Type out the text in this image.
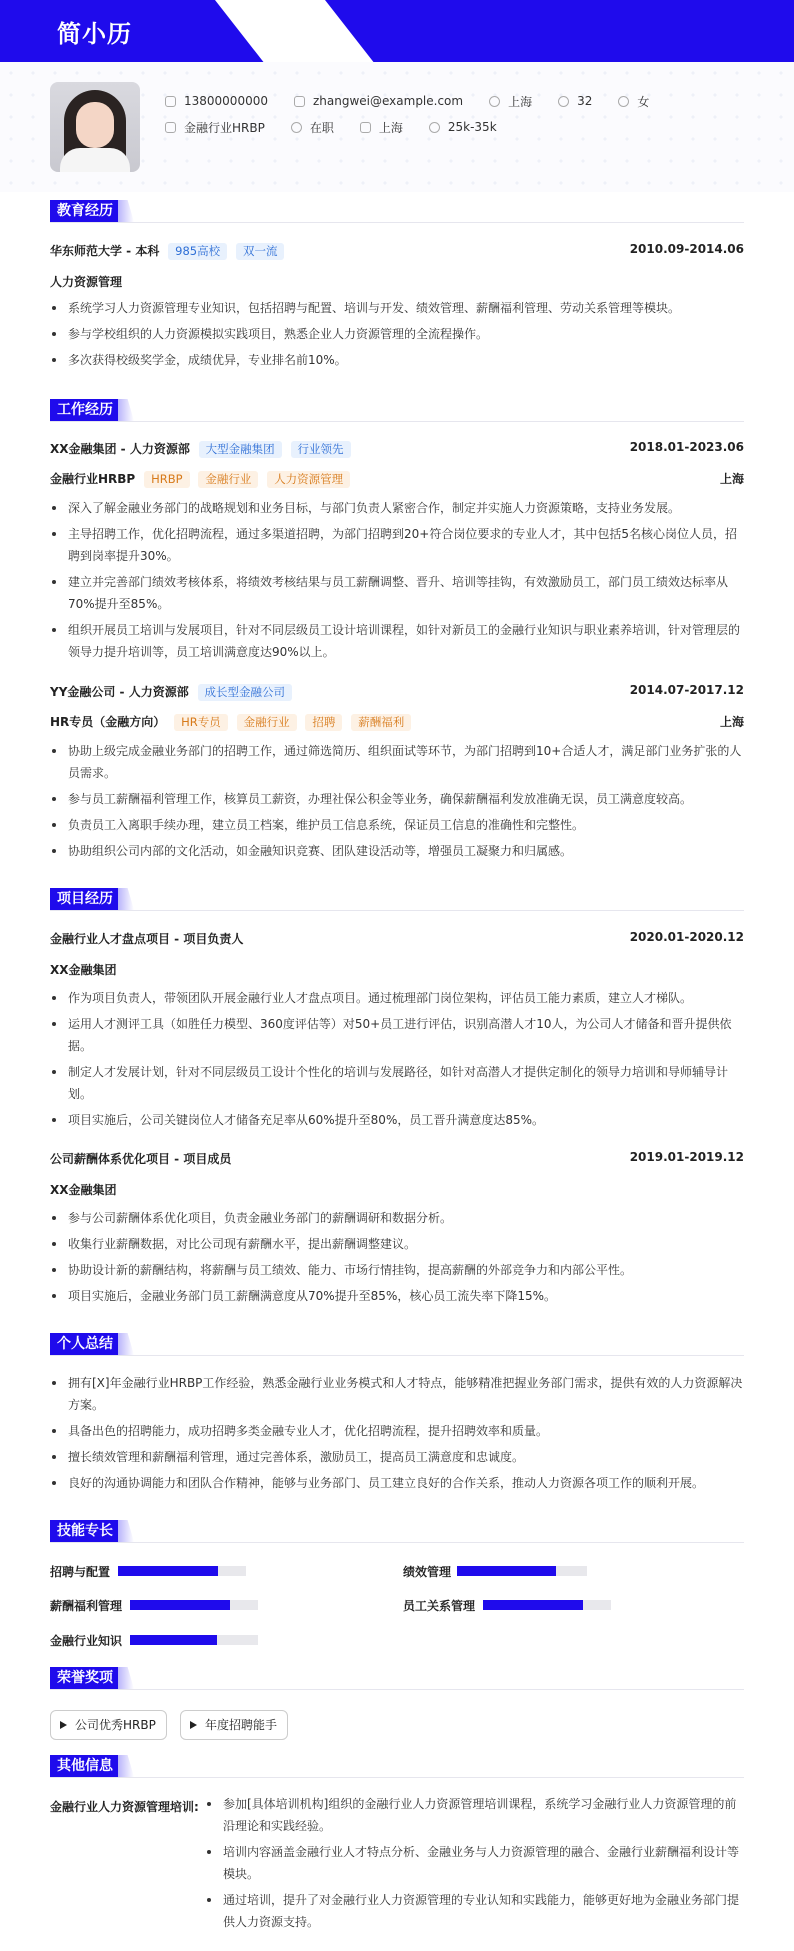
简小历
13800000000	zhangwei@example.com	上海	32	女
金融行业HRBP	在职	上海	25k-35k
教育经历
华东师范大学 - 本科 985高校 双一流	2010.09-2014.06
人力资源管理
系统学习人力资源管理专业知识，包括招聘与配置、培训与开发、绩效管理、薪酬福利管理、劳动关系管理等模块。
参与学校组织的人力资源模拟实践项目，熟悉企业人力资源管理的全流程操作。
多次获得校级奖学金，成绩优异，专业排名前10%。
工作经历
XX金融集团 - 人力资源部 大型金融集团 行业领先	2018.01-2023.06
金融行业HRBP HRBP 金融行业 人力资源管理	上海
深入了解金融业务部门的战略规划和业务目标，与部门负责人紧密合作，制定并实施人力资源策略，支持业务发展。
主导招聘工作，优化招聘流程，通过多渠道招聘，为部门招聘到20+符合岗位要求的专业人才，其中包括5名核心岗位人员，招聘到岗率提升30%。
建立并完善部门绩效考核体系，将绩效考核结果与员工薪酬调整、晋升、培训等挂钩，有效激励员工，部门员工绩效达标率从70%提升至85%。
组织开展员工培训与发展项目，针对不同层级员工设计培训课程，如针对新员工的金融行业知识与职业素养培训，针对管理层的领导力提升培训等，员工培训满意度达90%以上。
YY金融公司 - 人力资源部 成长型金融公司	2014.07-2017.12
HR专员（金融方向） HR专员 金融行业 招聘 薪酬福利	上海
协助上级完成金融业务部门的招聘工作，通过筛选简历、组织面试等环节，为部门招聘到10+合适人才，满足部门业务扩张的人员需求。
参与员工薪酬福利管理工作，核算员工薪资，办理社保公积金等业务，确保薪酬福利发放准确无误，员工满意度较高。
负责员工入离职手续办理，建立员工档案，维护员工信息系统，保证员工信息的准确性和完整性。
协助组织公司内部的文化活动，如金融知识竞赛、团队建设活动等，增强员工凝聚力和归属感。
项目经历
金融行业人才盘点项目 - 项目负责人	2020.01-2020.12
XX金融集团
作为项目负责人，带领团队开展金融行业人才盘点项目。通过梳理部门岗位架构，评估员工能力素质，建立人才梯队。
运用人才测评工具（如胜任力模型、360度评估等）对50+员工进行评估，识别高潜人才10人，为公司人才储备和晋升提供依据。
制定人才发展计划，针对不同层级员工设计个性化的培训与发展路径，如针对高潜人才提供定制化的领导力培训和导师辅导计划。
项目实施后，公司关键岗位人才储备充足率从60%提升至80%，员工晋升满意度达85%。
公司薪酬体系优化项目 - 项目成员	2019.01-2019.12
XX金融集团
参与公司薪酬体系优化项目，负责金融业务部门的薪酬调研和数据分析。
收集行业薪酬数据，对比公司现有薪酬水平，提出薪酬调整建议。
协助设计新的薪酬结构，将薪酬与员工绩效、能力、市场行情挂钩，提高薪酬的外部竞争力和内部公平性。
项目实施后，金融业务部门员工薪酬满意度从70%提升至85%，核心员工流失率下降15%。
个人总结
拥有[X]年金融行业HRBP工作经验，熟悉金融行业业务模式和人才特点，能够精准把握业务部门需求，提供有效的人力资源解决方案。
具备出色的招聘能力，成功招聘多类金融专业人才，优化招聘流程，提升招聘效率和质量。
擅长绩效管理和薪酬福利管理，通过完善体系，激励员工，提高员工满意度和忠诚度。
良好的沟通协调能力和团队合作精神，能够与业务部门、员工建立良好的合作关系，推动人力资源各项工作的顺利开展。
技能专长
招聘与配置	绩效管理
薪酬福利管理	员工关系管理
金融行业知识
荣誉奖项
公司优秀HRBP	年度招聘能手
其他信息
金融行业人力资源管理培训:	参加[具体培训机构]组织的金融行业人力资源管理培训课程，系统学习金融行业人力资源管理的前沿理论和实践经验。
培训内容涵盖金融行业人才特点分析、金融业务与人力资源管理的融合、金融行业薪酬福利设计等模块。
通过培训，提升了对金融行业人力资源管理的专业认知和实践能力，能够更好地为金融业务部门提供人力资源支持。
